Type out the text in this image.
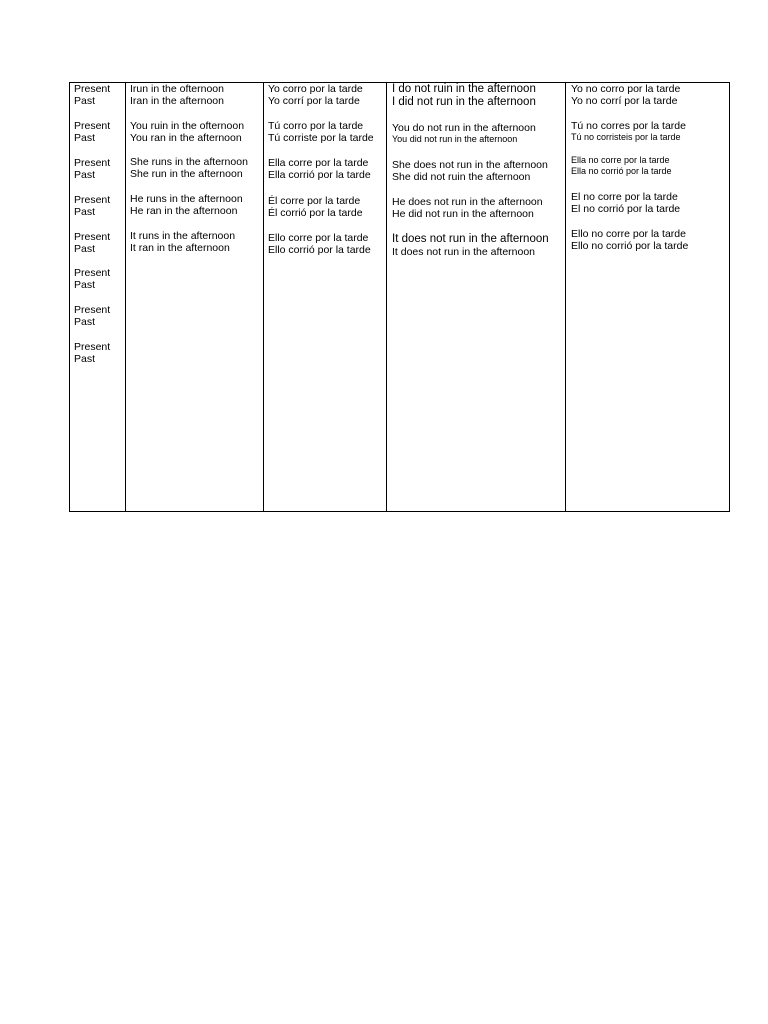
Present
Past
Present
Past
Present
Past
Present
Past
Present
Past
Present
Past
Present
Past
Present
Past
Irun in the ofternoon
Iran in the afternoon
You ruin in the ofternoon
You ran in the afternoon
She runs in the afternoon
She run in the afternoon
He runs in the afternoon
He ran in the afternoon
It runs in the afternoon
It ran in the afternoon
Yo corro por la tarde
Yo corrí por la tarde
Tú corro por la tarde
Tú corriste por la tarde
Ella corre por la tarde
Ella corrió por la tarde
Él corre por la tarde
Él corrió por la tarde
Ello corre por la tarde
Ello corrió por la tarde
I do not ruin in the afternoon
I did not run in the afternoon
You do not run in the afternoon
You did not run in the afternoon
She does not run in the afternoon
She did not ruin the afternoon
He does not run in the afternoon
He did not run in the afternoon
It does not run in the afternoon
It does not run in the afternoon
Yo no corro por la tarde
Yo no corrí por la tarde
Tú no corres por la tarde
Tú no corristeis por la tarde
Ella no corre por la tarde
Ella no corrió por la tarde
El no corre por la tarde
El no corrió por la tarde
Ello no corre por la tarde
Ello no corrió por la tarde
